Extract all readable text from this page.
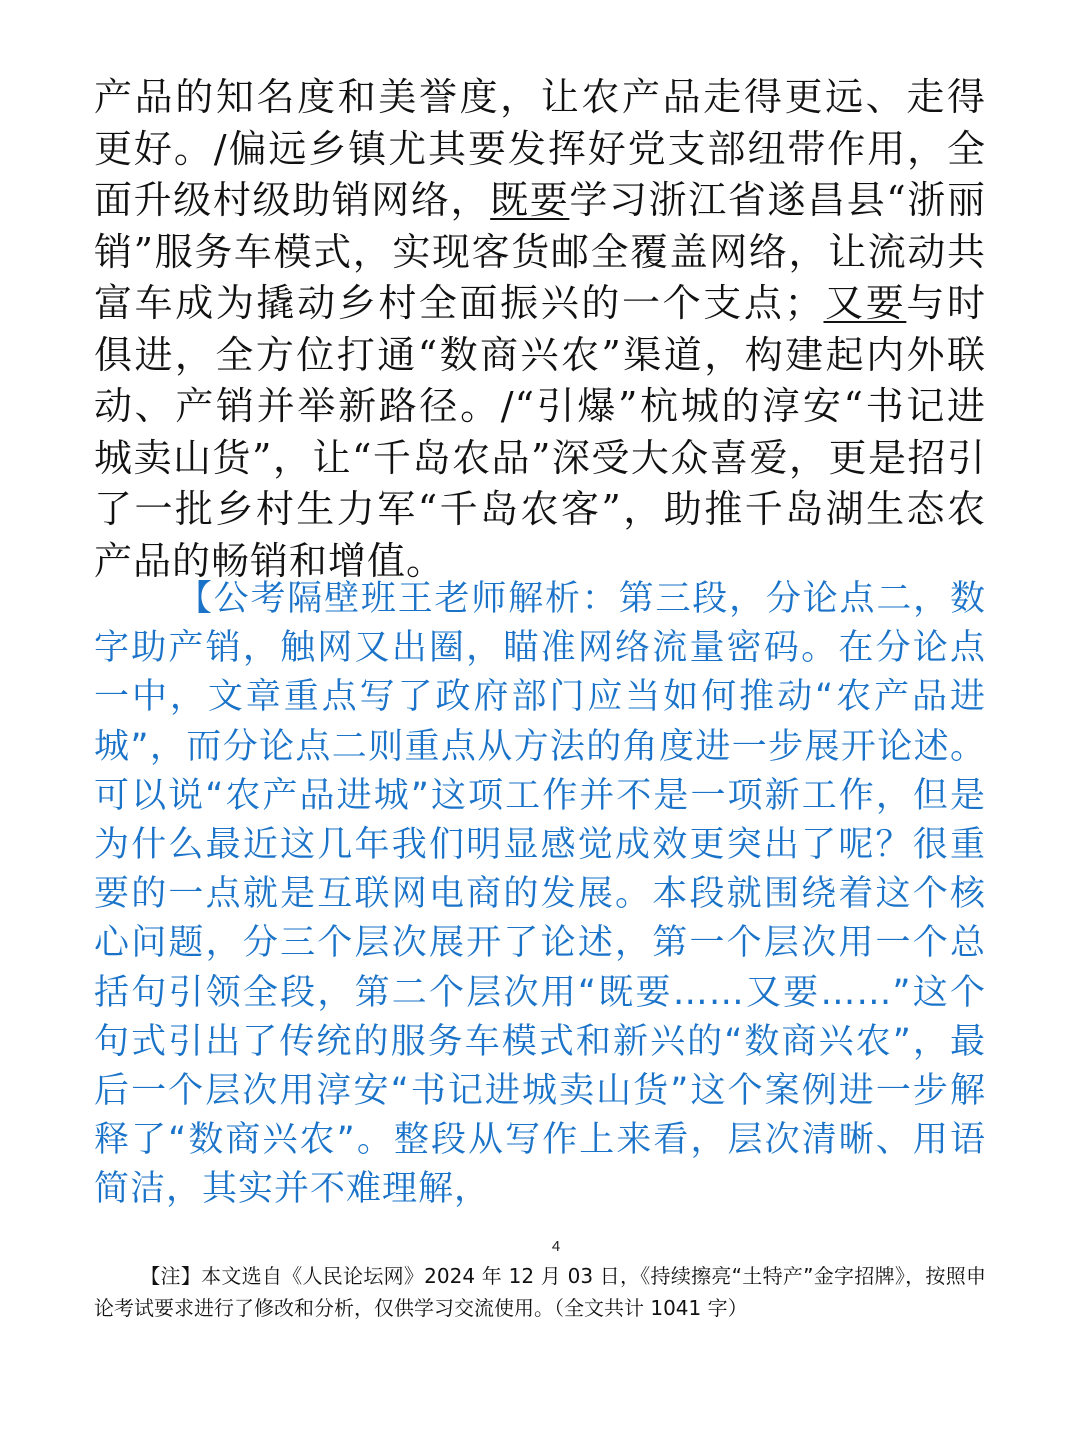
产品的知名度和美誉度，让农产品走得更远、走得更好。/偏远乡镇尤其要发挥好党支部纽带作用，全面升级村级助销网络，既要学习浙江省遂昌县“浙丽销”服务车模式，实现客货邮全覆盖网络，让流动共富车成为撬动乡村全面振兴的一个支点；又要与时俱进，全方位打通“数商兴农”渠道，构建起内外联动、产销并举新路径。/“引爆”杭城的淳安“书记进城卖山货”，让“千岛农品”深受大众喜爱，更是招引了一批乡村生力军“千岛农客”，助推千岛湖生态农产品的畅销和增值。

【公考隔壁班王老师解析：第三段，分论点二，数字助产销，触网又出圈，瞄准网络流量密码。在分论点一中，文章重点写了政府部门应当如何推动“农产品进城”，而分论点二则重点从方法的角度进一步展开论述。可以说“农产品进城”这项工作并不是一项新工作，但是为什么最近这几年我们明显感觉成效更突出了呢？很重要的一点就是互联网电商的发展。本段就围绕着这个核心问题，分三个层次展开了论述，第一个层次用一个总括句引领全段，第二个层次用“既要……又要……”这个句式引出了传统的服务车模式和新兴的“数商兴农”，最后一个层次用淳安“书记进城卖山货”这个案例进一步解释了“数商兴农”。整段从写作上来看，层次清晰、用语简洁，其实并不难理解，

4

【注】本文选自《人民论坛网》2024 年 12 月 03 日，《持续擦亮“土特产”金字招牌》，按照申论考试要求进行了修改和分析，仅供学习交流使用。（全文共计 1041 字）
